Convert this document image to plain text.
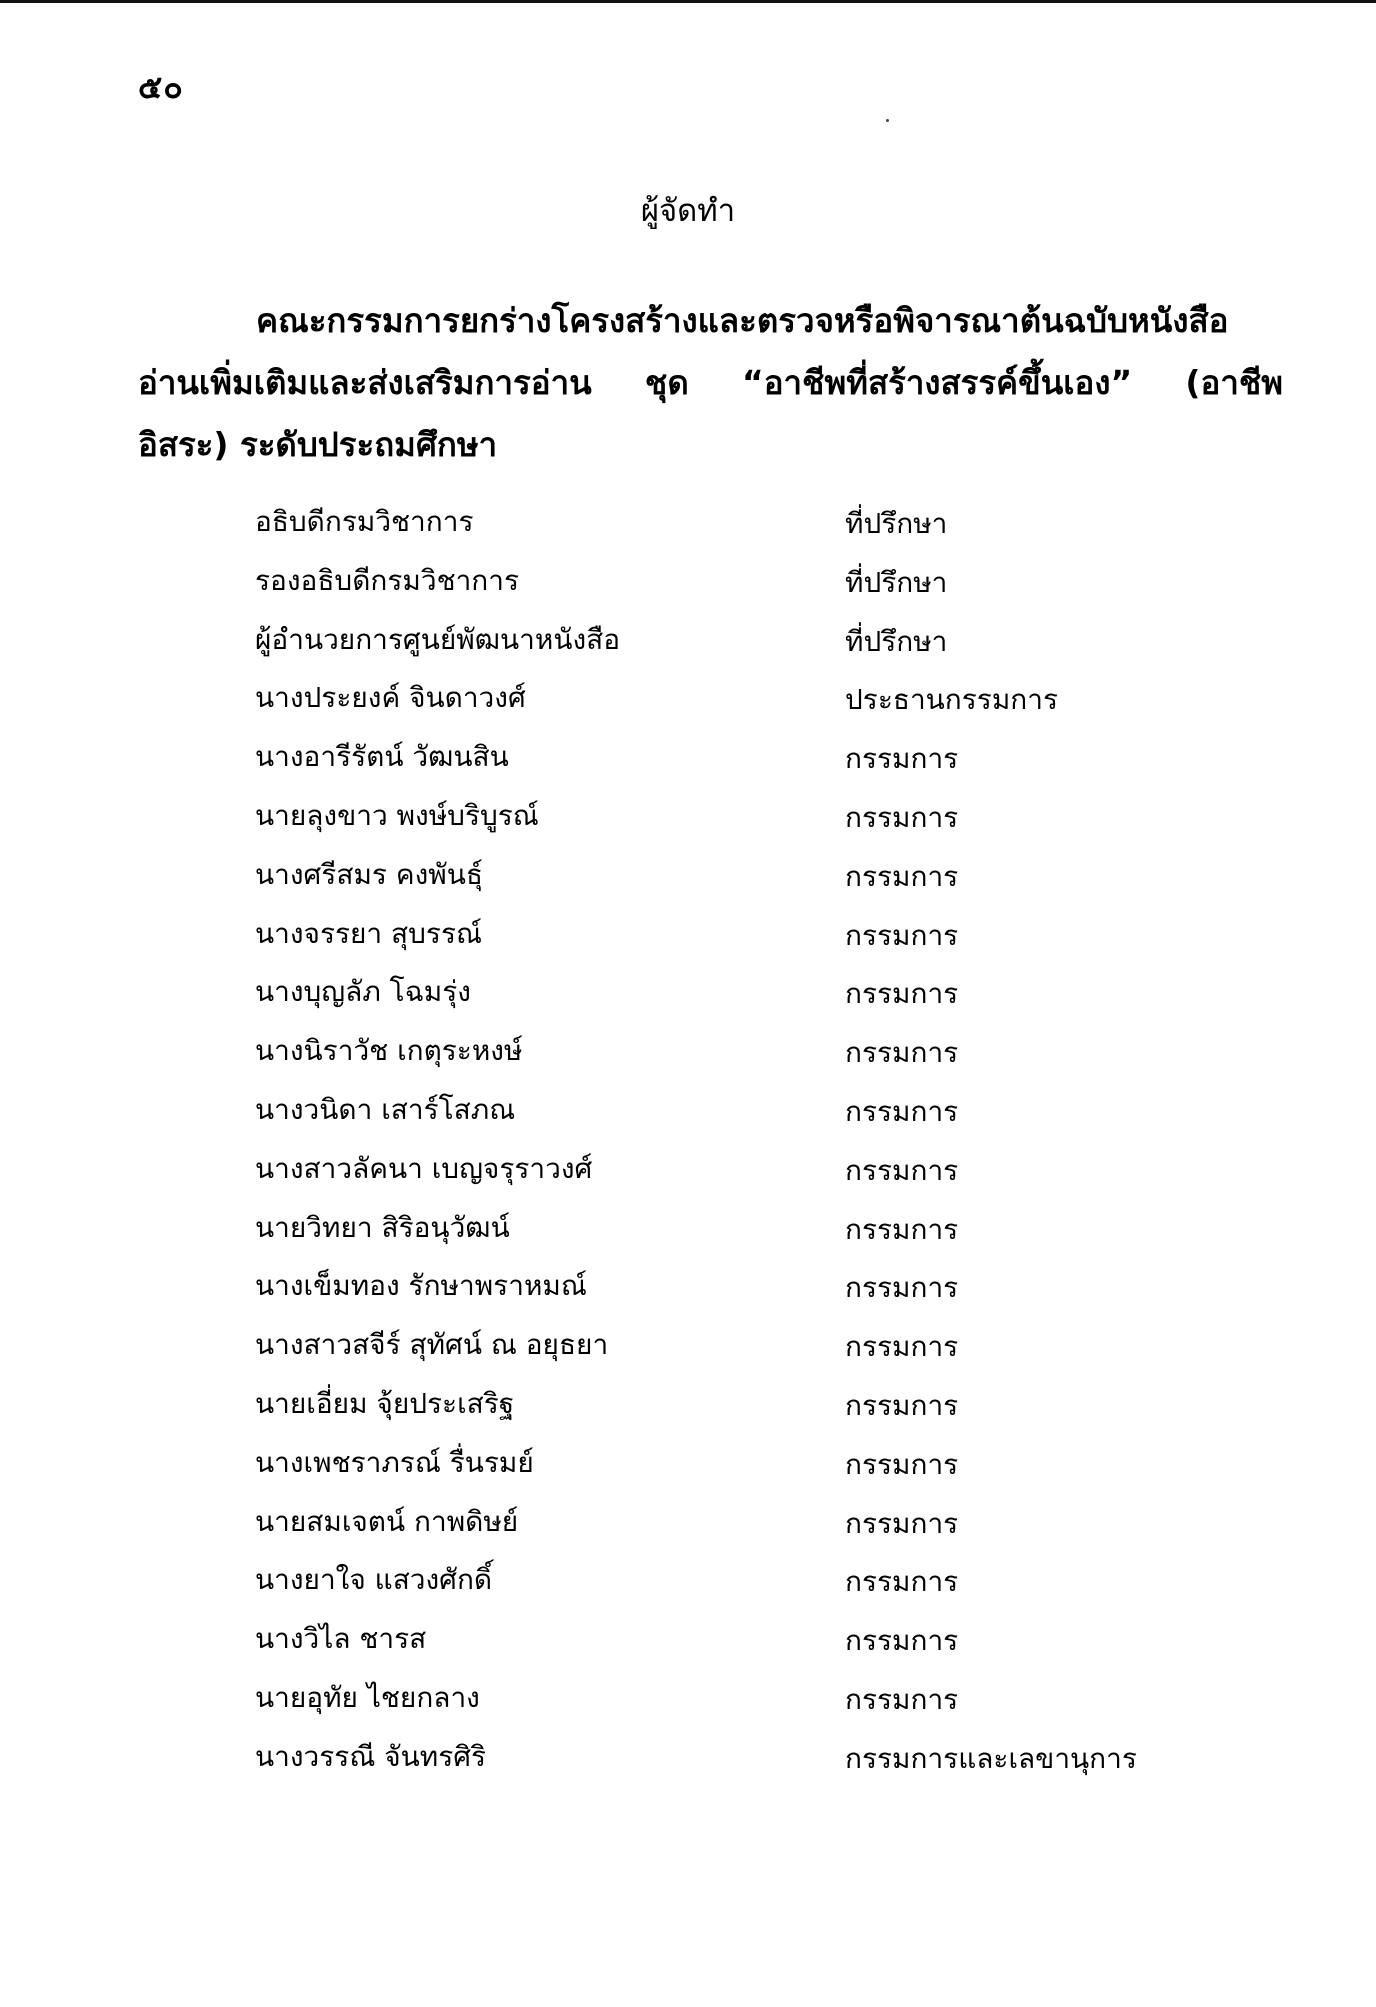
๕๐
ผู้จัดทำ
คณะกรรมการยกร่างโครงสร้างและตรวจหรือพิจารณาต้นฉบับหนังสือ
อ่านเพิ่มเติมและส่งเสริมการอ่าน ชุด “อาชีพที่สร้างสรรค์ขึ้นเอง” (อาชีพ
อิสระ) ระดับประถมศึกษา
อธิบดีกรมวิชาการ	ที่ปรึกษา
รองอธิบดีกรมวิชาการ	ที่ปรึกษา
ผู้อำนวยการศูนย์พัฒนาหนังสือ	ที่ปรึกษา
นางประยงค์ จินดาวงศ์	ประธานกรรมการ
นางอารีรัตน์ วัฒนสิน	กรรมการ
นายลุงขาว พงษ์บริบูรณ์	กรรมการ
นางศรีสมร คงพันธุ์	กรรมการ
นางจรรยา สุบรรณ์	กรรมการ
นางบุญลัภ โฉมรุ่ง	กรรมการ
นางนิราวัช เกตุระหงษ์	กรรมการ
นางวนิดา เสาร์โสภณ	กรรมการ
นางสาวลัคนา เบญจรุราวงศ์	กรรมการ
นายวิทยา สิริอนุวัฒน์	กรรมการ
นางเข็มทอง รักษาพราหมณ์	กรรมการ
นางสาวสจีร์ สุทัศน์ ณ อยุธยา	กรรมการ
นายเอี่ยม จุ้ยประเสริฐ	กรรมการ
นางเพชราภรณ์ รื่นรมย์	กรรมการ
นายสมเจตน์ กาพดิษย์	กรรมการ
นางยาใจ แสวงศักดิ์	กรรมการ
นางวิไล ชารส	กรรมการ
นายอุทัย ไชยกลาง	กรรมการ
นางวรรณี จันทรศิริ	กรรมการและเลขานุการ
